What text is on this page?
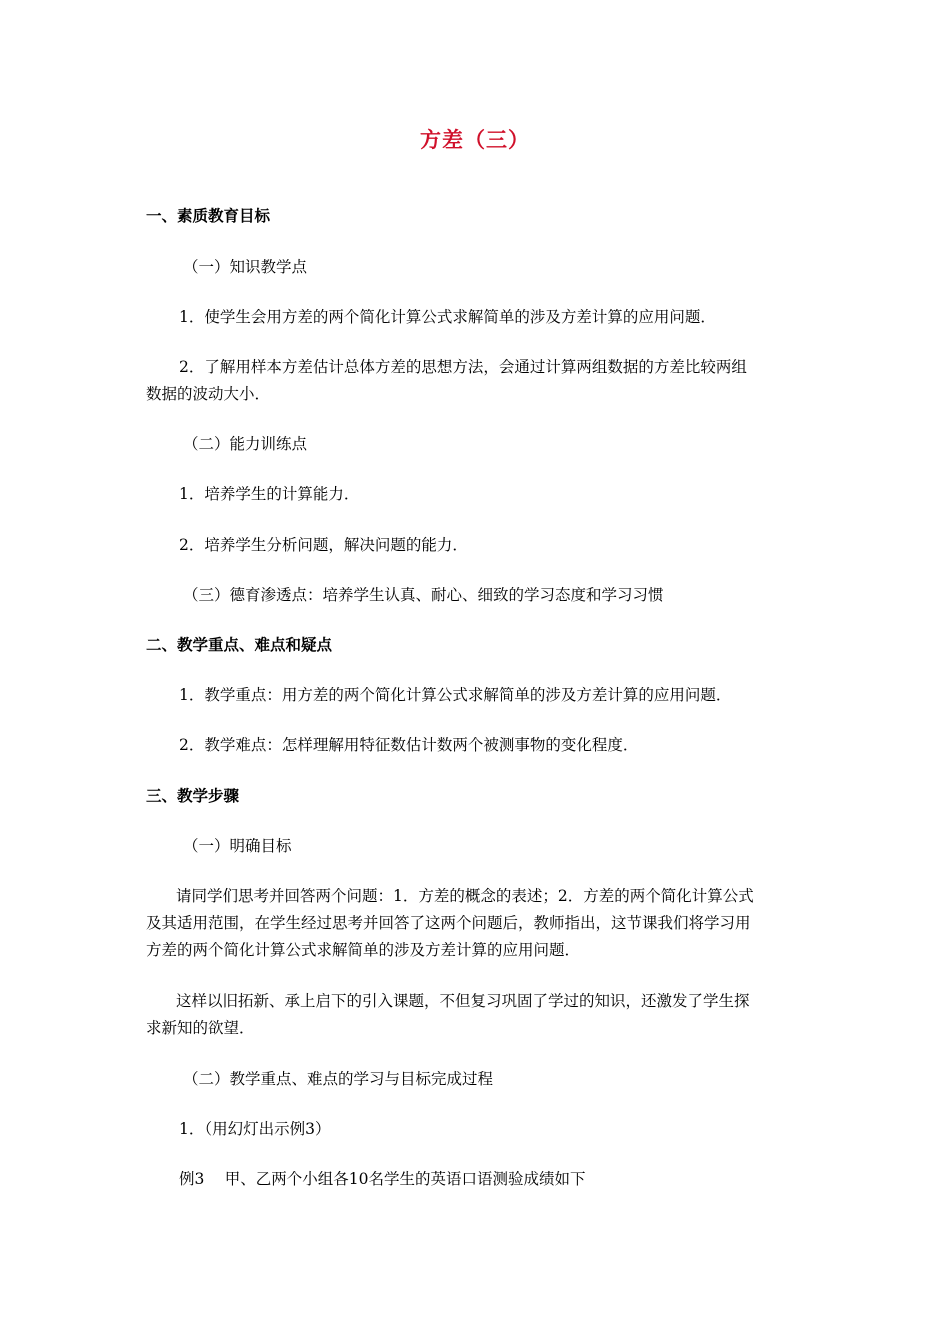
方差（三）
一、素质教育目标
（一）知识教学点
1．使学生会用方差的两个简化计算公式求解简单的涉及方差计算的应用问题．
2．了解用样本方差估计总体方差的思想方法，会通过计算两组数据的方差比较两组
数据的波动大小．
（二）能力训练点
1．培养学生的计算能力．
2．培养学生分析问题，解决问题的能力．
（三）德育渗透点：培养学生认真、耐心、细致的学习态度和学习习惯
二、教学重点、难点和疑点
1．教学重点：用方差的两个简化计算公式求解简单的涉及方差计算的应用问题．
2．教学难点：怎样理解用特征数估计数两个被测事物的变化程度．
三、教学步骤
（一）明确目标
请同学们思考并回答两个问题：1．方差的概念的表述；2．方差的两个简化计算公式
及其适用范围，在学生经过思考并回答了这两个问题后，教师指出，这节课我们将学习用
方差的两个简化计算公式求解简单的涉及方差计算的应用问题．
这样以旧拓新、承上启下的引入课题，不但复习巩固了学过的知识，还激发了学生探
求新知的欲望．
（二）教学重点、难点的学习与目标完成过程
1．（用幻灯出示例3）
例3　 甲、乙两个小组各10名学生的英语口语测验成绩如下
